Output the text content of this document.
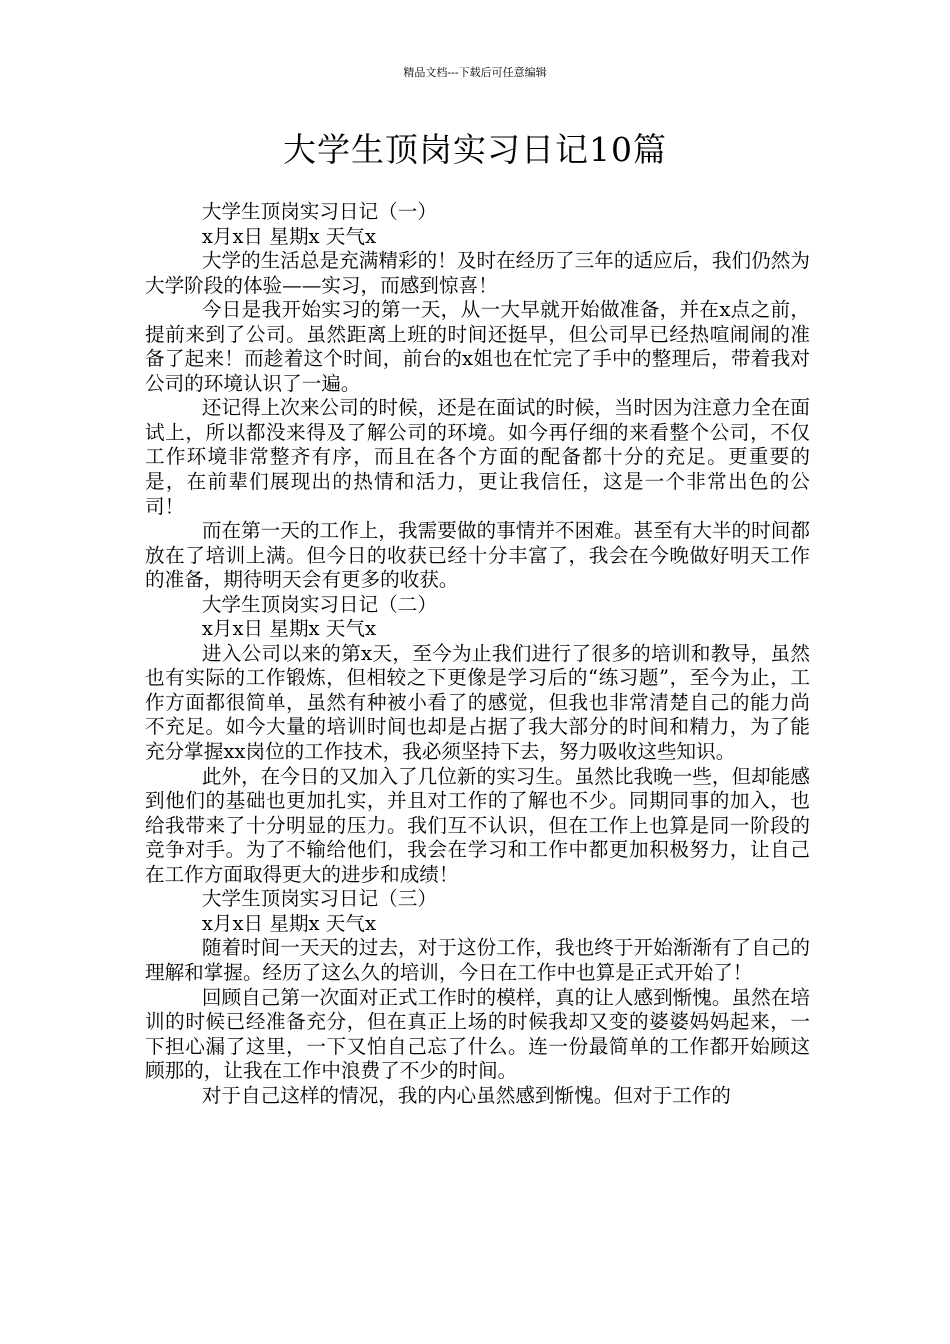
精品文档---下载后可任意编辑
大学生顶岗实习日记10篇

大学生顶岗实习日记（一）

x月x日 星期x 天气x

大学的生活总是充满精彩的！及时在经历了三年的适应后，我们仍然为大学阶段的体验——实习，而感到惊喜！

今日是我开始实习的第一天，从一大早就开始做准备，并在x点之前，提前来到了公司。虽然距离上班的时间还挺早，但公司早已经热喧闹闹的准备了起来！而趁着这个时间，前台的x姐也在忙完了手中的整理后，带着我对公司的环境认识了一遍。

还记得上次来公司的时候，还是在面试的时候，当时因为注意力全在面试上，所以都没来得及了解公司的环境。如今再仔细的来看整个公司，不仅工作环境非常整齐有序，而且在各个方面的配备都十分的充足。更重要的是，在前辈们展现出的热情和活力，更让我信任，这是一个非常出色的公司！

而在第一天的工作上，我需要做的事情并不困难。甚至有大半的时间都放在了培训上满。但今日的收获已经十分丰富了，我会在今晚做好明天工作的准备，期待明天会有更多的收获。

大学生顶岗实习日记（二）

x月x日 星期x 天气x

进入公司以来的第x天，至今为止我们进行了很多的培训和教导，虽然也有实际的工作锻炼，但相较之下更像是学习后的“练习题”，至今为止，工作方面都很简单，虽然有种被小看了的感觉，但我也非常清楚自己的能力尚不充足。如今大量的培训时间也却是占据了我大部分的时间和精力，为了能充分掌握xx岗位的工作技术，我必须坚持下去，努力吸收这些知识。

此外，在今日的又加入了几位新的实习生。虽然比我晚一些，但却能感到他们的基础也更加扎实，并且对工作的了解也不少。同期同事的加入，也给我带来了十分明显的压力。我们互不认识，但在工作上也算是同一阶段的竞争对手。为了不输给他们，我会在学习和工作中都更加积极努力，让自己在工作方面取得更大的进步和成绩！

大学生顶岗实习日记（三）

x月x日 星期x 天气x

随着时间一天天的过去，对于这份工作，我也终于开始渐渐有了自己的理解和掌握。经历了这么久的培训，今日在工作中也算是正式开始了！

回顾自己第一次面对正式工作时的模样，真的让人感到惭愧。虽然在培训的时候已经准备充分，但在真正上场的时候我却又变的婆婆妈妈起来，一下担心漏了这里，一下又怕自己忘了什么。连一份最简单的工作都开始顾这顾那的，让我在工作中浪费了不少的时间。

对于自己这样的情况，我的内心虽然感到惭愧。但对于工作的
